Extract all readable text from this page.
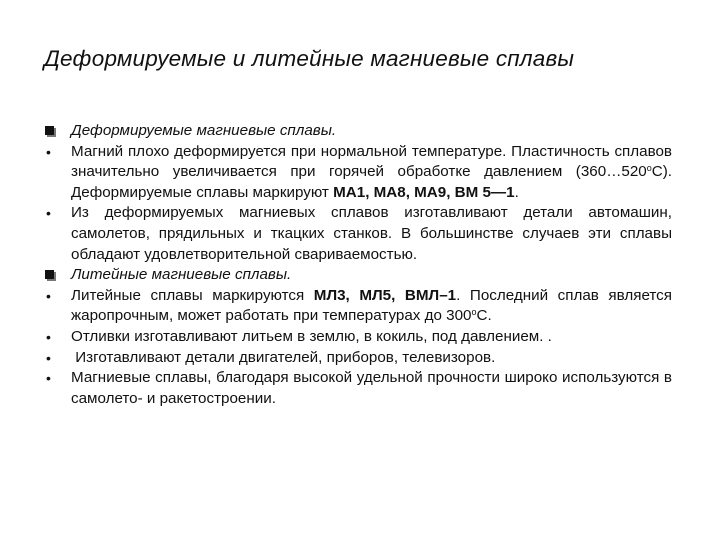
Деформируемые и литейные магниевые сплавы
Деформируемые магниевые сплавы.
• Магний плохо деформируется при нормальной температуре. Пластичность сплавов значительно увеличивается при горячей обработке давлением $(360\dots 520^оС)$. Деформируемые сплавы маркируют МА1, МА8, МА9, ВМ 5—1.
• Из деформируемых магниевых сплавов изготавливают детали автомашин, самолетов, прядильных и ткацких станков. В большинстве случаев эти сплавы обладают удовлетворительной свариваемостью.
Литейные магниевые сплавы.
• Литейные сплавы маркируются МЛ3, МЛ5, ВМЛ–1. Последний сплав является жаропрочным, может работать при температурах до $300^оС$.
• Отливки изготавливают литьем в землю, в кокиль, под давлением. .
• Изготавливают детали двигателей, приборов, телевизоров.
• Магниевые сплавы, благодаря высокой удельной прочности широко используются в самолето- и ракетостроении.
